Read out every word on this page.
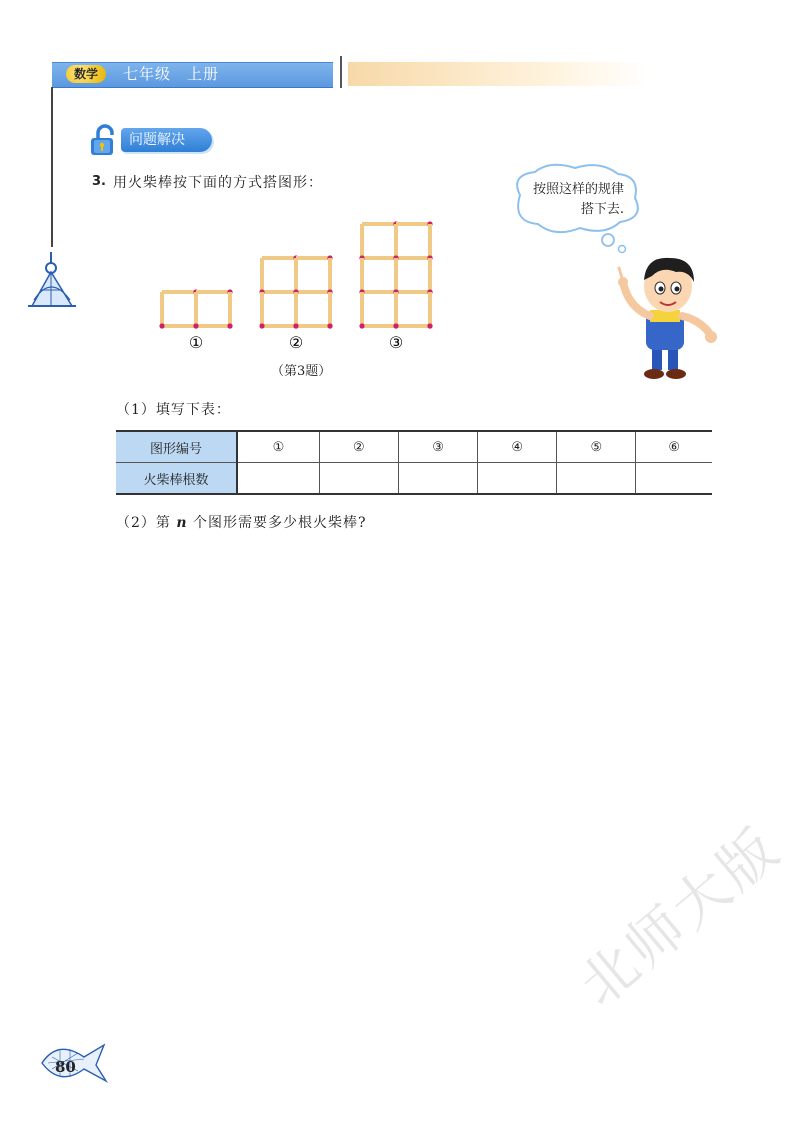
数学	七年级　上册
问题解决
3. 用火柴棒按下面的方式搭图形：	按照这样的规律搭下去.
①	②	③
（第3题）
（1）填写下表：
图形编号	①	②	③	④	⑤	⑥
火柴棒根数						
（2）第 n 个图形需要多少根火柴棒?
80
北师大版
